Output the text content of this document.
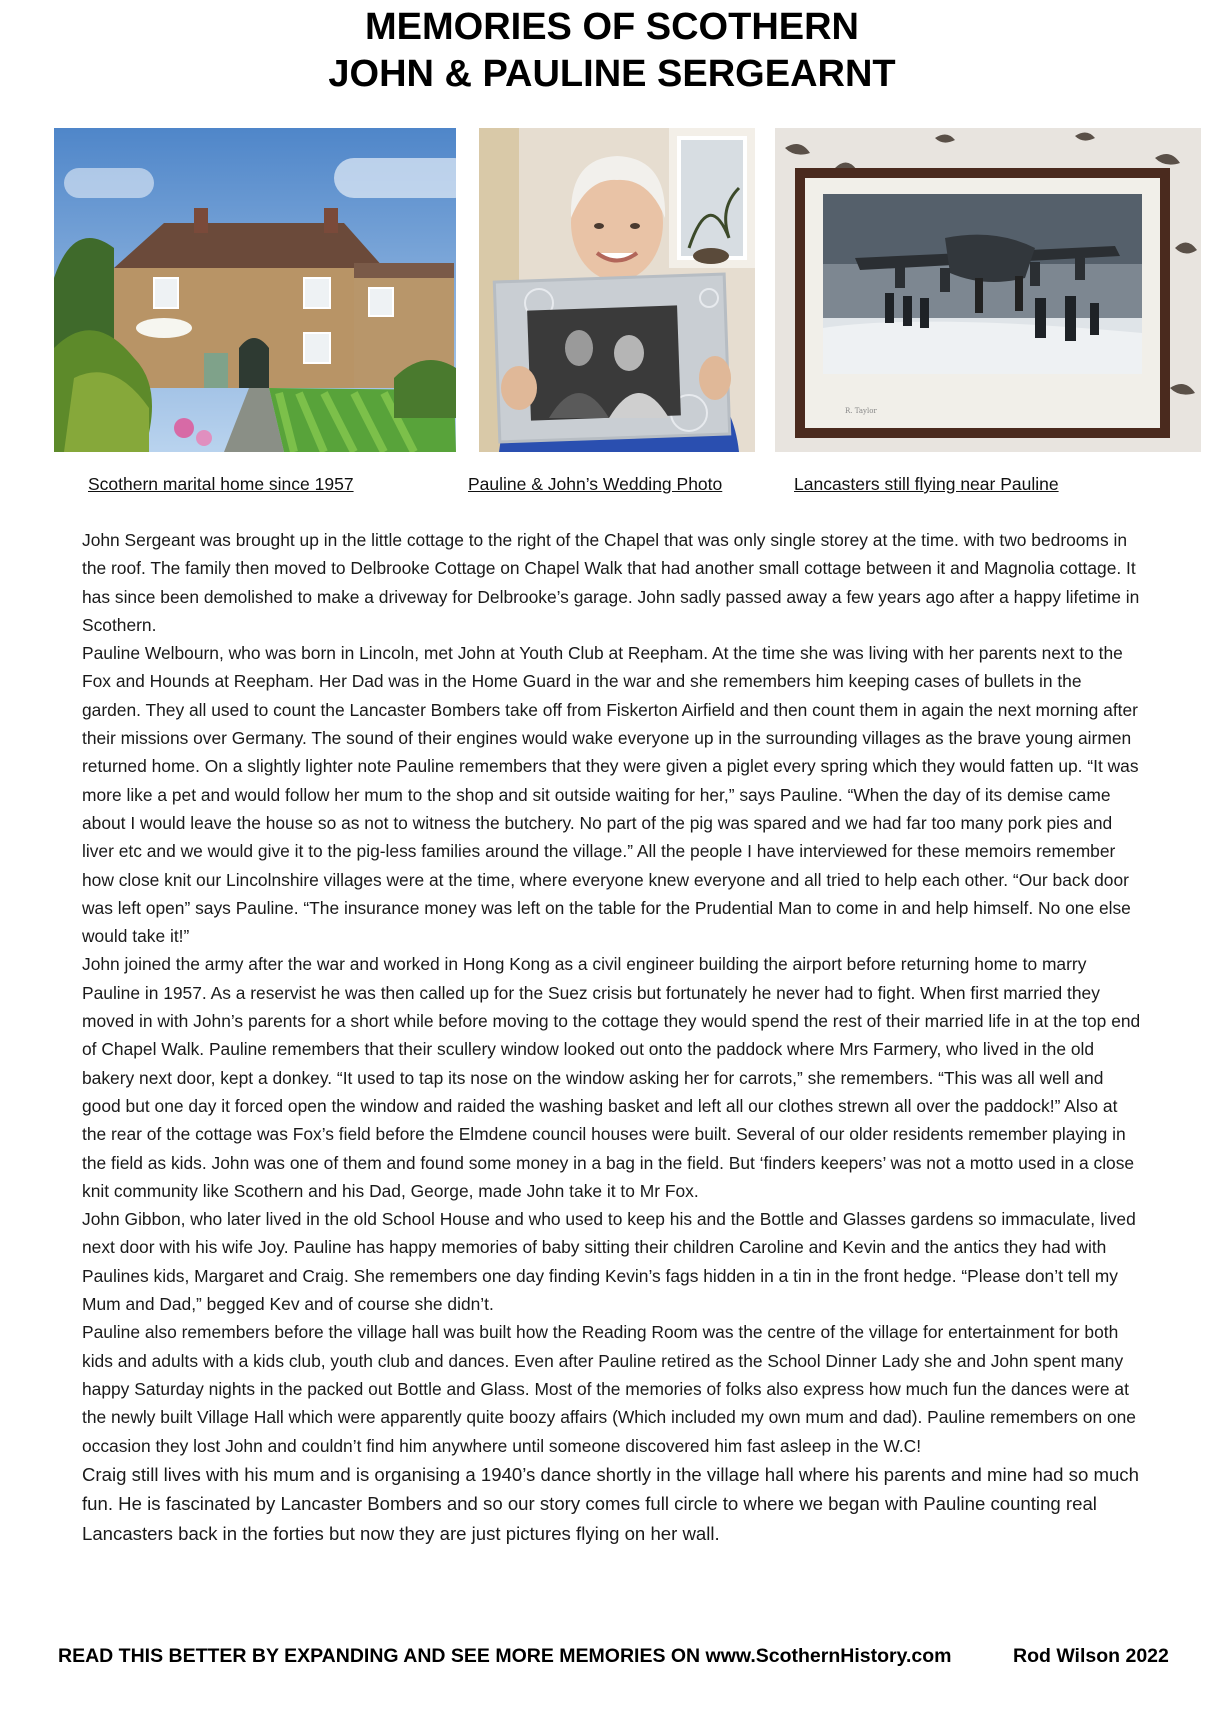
MEMORIES OF SCOTHERN
JOHN & PAULINE SERGEARNT
R. Taylor
Scothern marital home since 1957	Pauline & John’s Wedding Photo	Lancasters still flying near Pauline

John Sergeant was brought up in the little cottage to the right of the Chapel that was only single storey at the time. with two bedrooms in the roof. The family then moved to Delbrooke Cottage on Chapel Walk that had another small cottage between it and Magnolia cottage. It has since been demolished to make a driveway for Delbrooke’s garage. John sadly passed away a few years ago after a happy lifetime in Scothern.

Pauline Welbourn, who was born in Lincoln, met John at Youth Club at Reepham. At the time she was living with her parents next to the Fox and Hounds at Reepham. Her Dad was in the Home Guard in the war and she remembers him keeping cases of bullets in the garden. They all used to count the Lancaster Bombers take off from Fiskerton Airfield and then count them in again the next morning after their missions over Germany. The sound of their engines would wake everyone up in the surrounding villages as the brave young airmen returned home. On a slightly lighter note Pauline remembers that they were given a piglet every spring which they would fatten up. “It was more like a pet and would follow her mum to the shop and sit outside waiting for her,” says Pauline. “When the day of its demise came about I would leave the house so as not to witness the butchery. No part of the pig was spared and we had far too many pork pies and liver etc and we would give it to the pig-less families around the village.” All the people I have interviewed for these memoirs remember how close knit our Lincolnshire villages were at the time, where everyone knew everyone and all tried to help each other. “Our back door was left open” says Pauline. “The insurance money was left on the table for the Prudential Man to come in and help himself. No one else would take it!”

John joined the army after the war and worked in Hong Kong as a civil engineer building the airport before returning home to marry Pauline in 1957. As a reservist he was then called up for the Suez crisis but fortunately he never had to fight. When first married they moved in with John’s parents for a short while before moving to the cottage they would spend the rest of their married life in at the top end of Chapel Walk. Pauline remembers that their scullery window looked out onto the paddock where Mrs Farmery, who lived in the old bakery next door, kept a donkey. “It used to tap its nose on the window asking her for carrots,” she remembers. “This was all well and good but one day it forced open the window and raided the washing basket and left all our clothes strewn all over the paddock!” Also at the rear of the cottage was Fox’s field before the Elmdene council houses were built. Several of our older residents remember playing in the field as kids. John was one of them and found some money in a bag in the field. But ‘finders keepers’ was not a motto used in a close knit community like Scothern and his Dad, George, made John take it to Mr Fox.

John Gibbon, who later lived in the old School House and who used to keep his and the Bottle and Glasses gardens so immaculate, lived next door with his wife Joy. Pauline has happy memories of baby sitting their children Caroline and Kevin and the antics they had with Paulines kids, Margaret and Craig. She remembers one day finding Kevin’s fags hidden in a tin in the front hedge. “Please don’t tell my Mum and Dad,” begged Kev and of course she didn’t.

Pauline also remembers before the village hall was built how the Reading Room was the centre of the village for entertainment for both kids and adults with a kids club, youth club and dances. Even after Pauline retired as the School Dinner Lady she and John spent many happy Saturday nights in the packed out Bottle and Glass. Most of the memories of folks also express how much fun the dances were at the newly built Village Hall which were apparently quite boozy affairs (Which included my own mum and dad). Pauline remembers on one occasion they lost John and couldn’t find him anywhere until someone discovered him fast asleep in the W.C!

Craig still lives with his mum and is organising a 1940’s dance shortly in the village hall where his parents and mine had so much fun. He is fascinated by Lancaster Bombers and so our story comes full circle to where we began with Pauline counting real Lancasters back in the forties but now they are just pictures flying on her wall.

READ THIS BETTER BY EXPANDING AND SEE MORE MEMORIES ON www.ScothernHistory.com	Rod Wilson 2022
